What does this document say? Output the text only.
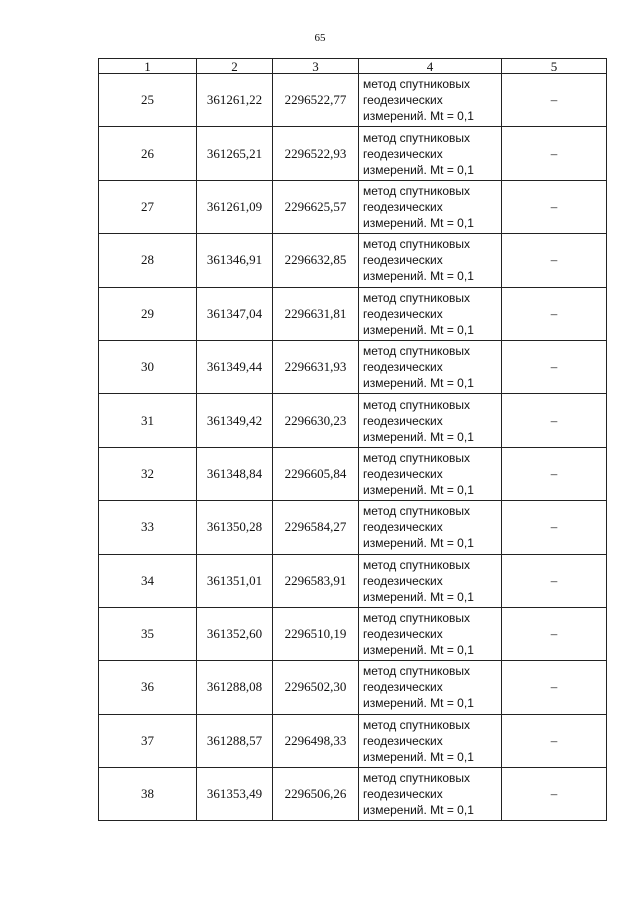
65
1	2	3	4	5
25	361261,22	2296522,77	метод спутниковых
геодезических
измерений. Mt = 0,1	–
26	361265,21	2296522,93	метод спутниковых
геодезических
измерений. Mt = 0,1	–
27	361261,09	2296625,57	метод спутниковых
геодезических
измерений. Mt = 0,1	–
28	361346,91	2296632,85	метод спутниковых
геодезических
измерений. Mt = 0,1	–
29	361347,04	2296631,81	метод спутниковых
геодезических
измерений. Mt = 0,1	–
30	361349,44	2296631,93	метод спутниковых
геодезических
измерений. Mt = 0,1	–
31	361349,42	2296630,23	метод спутниковых
геодезических
измерений. Mt = 0,1	–
32	361348,84	2296605,84	метод спутниковых
геодезических
измерений. Mt = 0,1	–
33	361350,28	2296584,27	метод спутниковых
геодезических
измерений. Mt = 0,1	–
34	361351,01	2296583,91	метод спутниковых
геодезических
измерений. Mt = 0,1	–
35	361352,60	2296510,19	метод спутниковых
геодезических
измерений. Mt = 0,1	–
36	361288,08	2296502,30	метод спутниковых
геодезических
измерений. Mt = 0,1	–
37	361288,57	2296498,33	метод спутниковых
геодезических
измерений. Mt = 0,1	–
38	361353,49	2296506,26	метод спутниковых
геодезических
измерений. Mt = 0,1	–
